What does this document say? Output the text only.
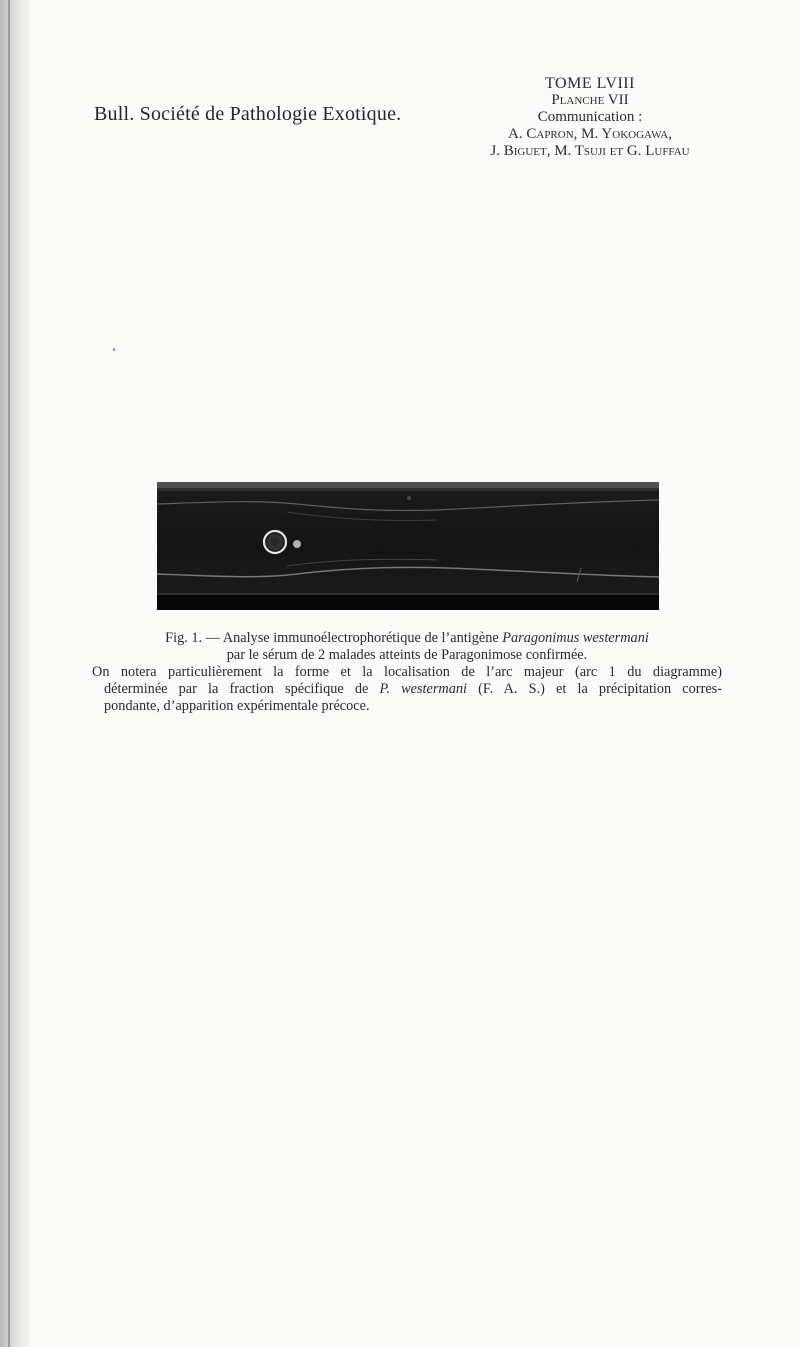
Bull. Société de Pathologie Exotique.
TOME LVIII
Planche VII
Communication :
A. Capron, M. Yokogawa,
J. Biguet, M. Tsuji et G. Luffau
Fig. 1. — Analyse immunoélectrophorétique de l’antigène Paragonimus westermani
par le sérum de 2 malades atteints de Paragonimose confirmée.
On notera particulièrement la forme et la localisation de l’arc majeur (arc 1 du diagramme)
déterminée par la fraction spécifique de P. westermani (F. A. S.) et la précipitation corres-
pondante, d’apparition expérimentale précoce.
